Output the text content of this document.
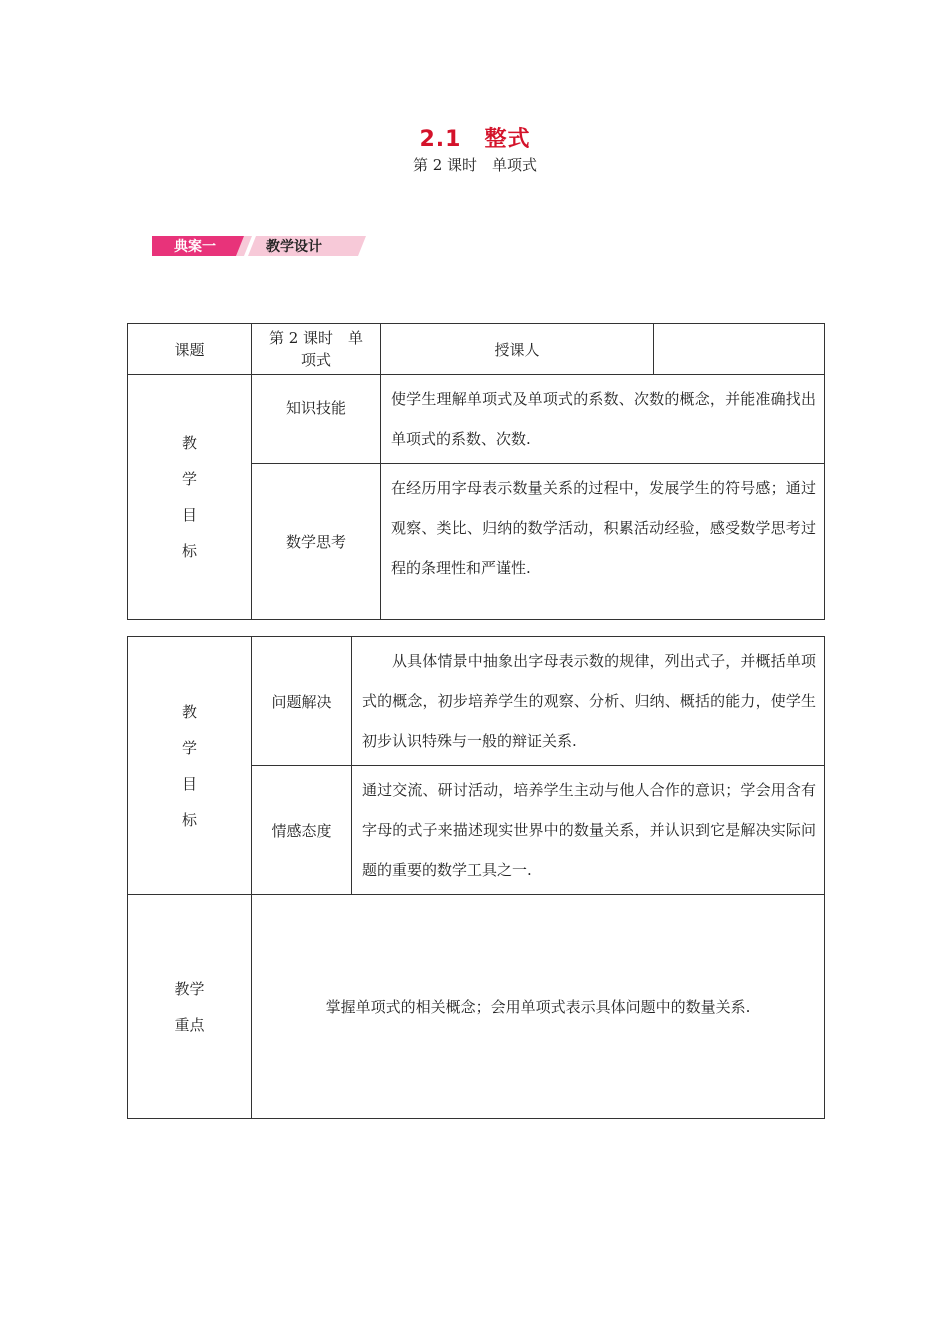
2.1　整式
第 2 课时　单项式
典案一	教学设计
课题	第 2 课时　单项式	授课人	

教
学
目
标	知识技能	使学生理解单项式及单项式的系数、次数的概念，并能准确找出单项式的系数、次数.	
	数学思考	在经历用字母表示数量关系的过程中，发展学生的符号感；通过观察、类比、归纳的数学活动，积累活动经验，感受数学思考过程的条理性和严谨性.	
教
学
目
标	问题解决	从具体情景中抽象出字母表示数的规律，列出式子，并概括单项式的概念，初步培养学生的观察、分析、归纳、概括的能力，使学生初步认识特殊与一般的辩证关系.
	情感态度	通过交流、研讨活动，培养学生主动与他人合作的意识；学会用含有字母的式子来描述现实世界中的数量关系，并认识到它是解决实际问题的重要的数学工具之一.

教学
重点	掌握单项式的相关概念；会用单项式表示具体问题中的数量关系.	
